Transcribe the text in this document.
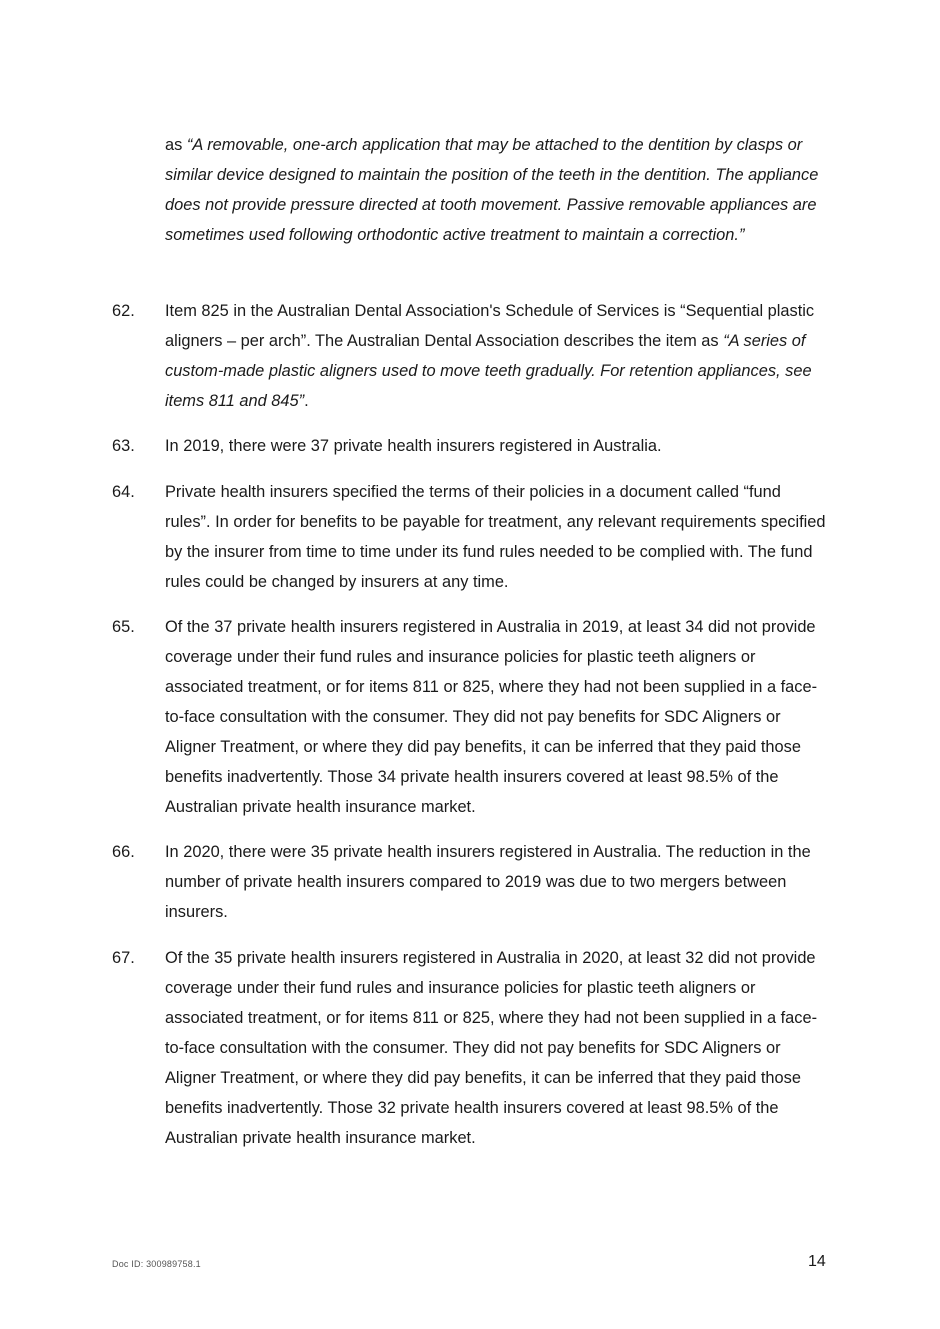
as “A removable, one-arch application that may be attached to the dentition by clasps or similar device designed to maintain the position of the teeth in the dentition. The appliance does not provide pressure directed at tooth movement. Passive removable appliances are sometimes used following orthodontic active treatment to maintain a correction.”
62.	Item 825 in the Australian Dental Association's Schedule of Services is “Sequential plastic aligners – per arch”. The Australian Dental Association describes the item as “A series of custom-made plastic aligners used to move teeth gradually. For retention appliances, see items 811 and 845”.
63.	In 2019, there were 37 private health insurers registered in Australia.
64.	Private health insurers specified the terms of their policies in a document called “fund rules”. In order for benefits to be payable for treatment, any relevant requirements specified by the insurer from time to time under its fund rules needed to be complied with. The fund rules could be changed by insurers at any time.
65.	Of the 37 private health insurers registered in Australia in 2019, at least 34 did not provide coverage under their fund rules and insurance policies for plastic teeth aligners or associated treatment, or for items 811 or 825, where they had not been supplied in a face-to-face consultation with the consumer. They did not pay benefits for SDC Aligners or Aligner Treatment, or where they did pay benefits, it can be inferred that they paid those benefits inadvertently. Those 34 private health insurers covered at least 98.5% of the Australian private health insurance market.
66.	In 2020, there were 35 private health insurers registered in Australia. The reduction in the number of private health insurers compared to 2019 was due to two mergers between insurers.
67.	Of the 35 private health insurers registered in Australia in 2020, at least 32 did not provide coverage under their fund rules and insurance policies for plastic teeth aligners or associated treatment, or for items 811 or 825, where they had not been supplied in a face-to-face consultation with the consumer. They did not pay benefits for SDC Aligners or Aligner Treatment, or where they did pay benefits, it can be inferred that they paid those benefits inadvertently. Those 32 private health insurers covered at least 98.5% of the Australian private health insurance market.
Doc ID: 300989758.1	14
